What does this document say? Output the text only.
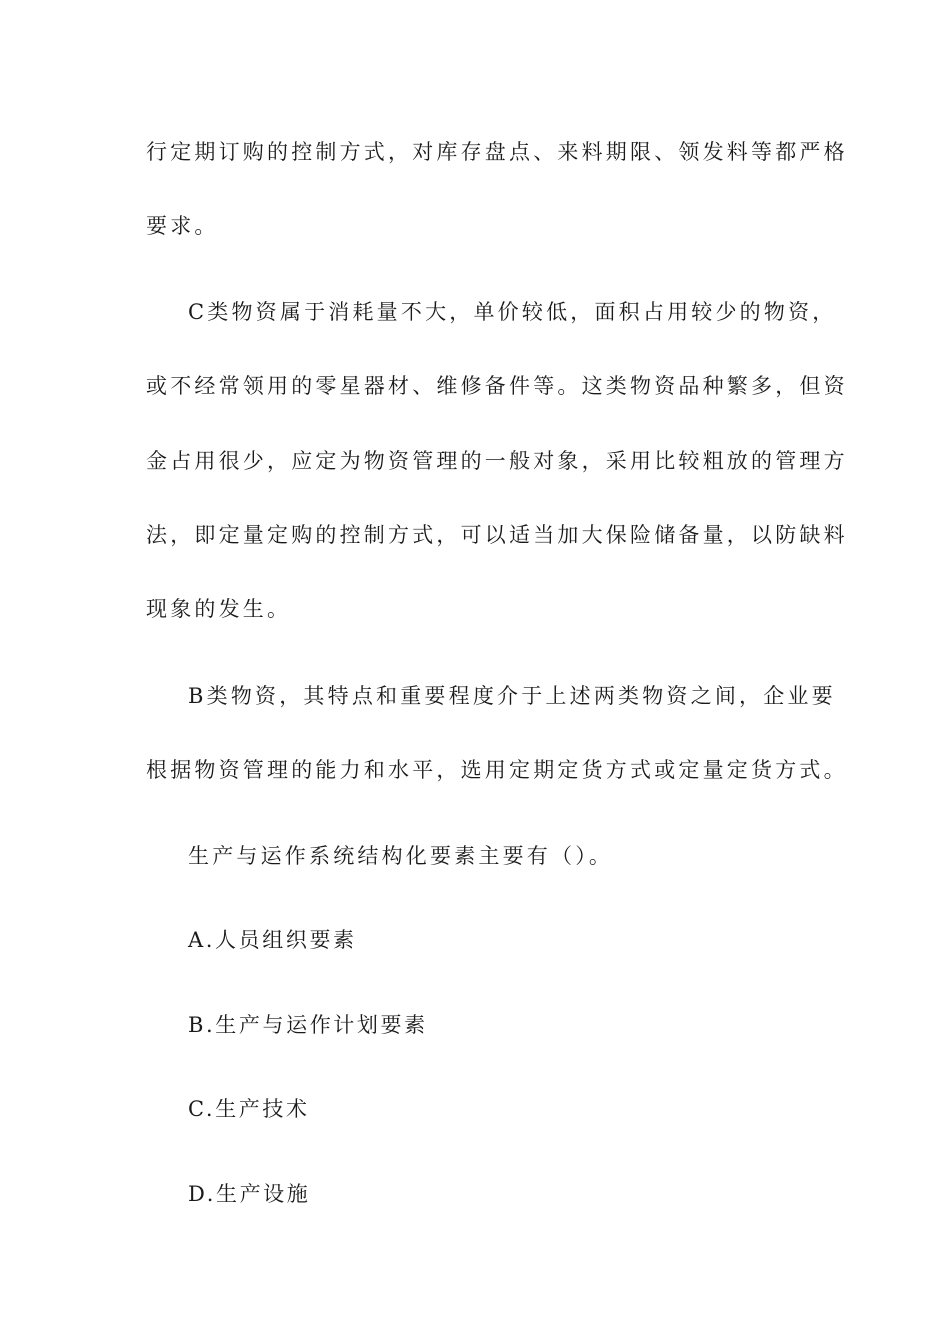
行定期订购的控制方式，对库存盘点、来料期限、领发料等都严格
要求。
C类物资属于消耗量不大，单价较低，面积占用较少的物资，
或不经常领用的零星器材、维修备件等。这类物资品种繁多，但资
金占用很少，应定为物资管理的一般对象，采用比较粗放的管理方
法，即定量定购的控制方式，可以适当加大保险储备量，以防缺料
现象的发生。
B类物资，其特点和重要程度介于上述两类物资之间，企业要
根据物资管理的能力和水平，选用定期定货方式或定量定货方式。
生产与运作系统结构化要素主要有（）。
A.人员组织要素
B.生产与运作计划要素
C.生产技术
D.生产设施
